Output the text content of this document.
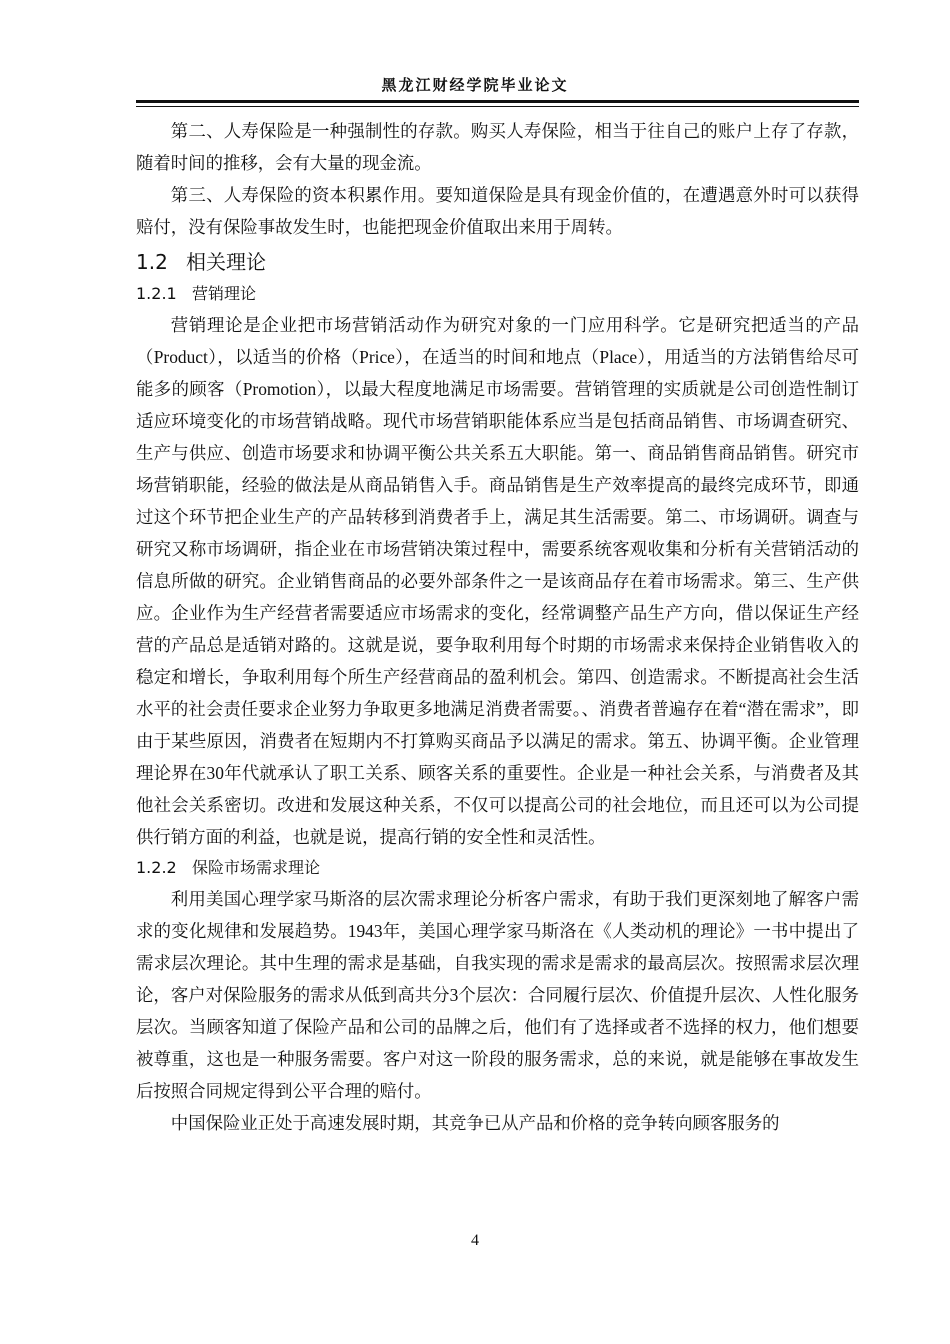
黑龙江财经学院毕业论文

第二、人寿保险是一种强制性的存款。购买人寿保险，相当于往自己的账户上存了存款，随着时间的推移，会有大量的现金流。

第三、人寿保险的资本积累作用。要知道保险是具有现金价值的，在遭遇意外时可以获得赔付，没有保险事故发生时，也能把现金价值取出来用于周转。

1.2 相关理论
1.2.1 营销理论

营销理论是企业把市场营销活动作为研究对象的一门应用科学。它是研究把适当的产品（Product），以适当的价格（Price），在适当的时间和地点（Place），用适当的方法销售给尽可能多的顾客（Promotion），以最大程度地满足市场需要。营销管理的实质就是公司创造性制订适应环境变化的市场营销战略。现代市场营销职能体系应当是包括商品销售、市场调查研究、生产与供应、创造市场要求和协调平衡公共关系五大职能。第一、商品销售商品销售。研究市场营销职能，经验的做法是从商品销售入手。商品销售是生产效率提高的最终完成环节，即通过这个环节把企业生产的产品转移到消费者手上，满足其生活需要。第二、市场调研。调查与研究又称市场调研，指企业在市场营销决策过程中，需要系统客观收集和分析有关营销活动的信息所做的研究。企业销售商品的必要外部条件之一是该商品存在着市场需求。第三、生产供应。企业作为生产经营者需要适应市场需求的变化，经常调整产品生产方向，借以保证生产经营的产品总是适销对路的。这就是说，要争取利用每个时期的市场需求来保持企业销售收入的稳定和增长，争取利用每个所生产经营商品的盈利机会。第四、创造需求。不断提高社会生活水平的社会责任要求企业努力争取更多地满足消费者需要。、消费者普遍存在着“潜在需求”，即由于某些原因，消费者在短期内不打算购买商品予以满足的需求。第五、协调平衡。企业管理理论界在30年代就承认了职工关系、顾客关系的重要性。企业是一种社会关系，与消费者及其他社会关系密切。改进和发展这种关系，不仅可以提高公司的社会地位，而且还可以为公司提供行销方面的利益，也就是说，提高行销的安全性和灵活性。

1.2.2 保险市场需求理论

利用美国心理学家马斯洛的层次需求理论分析客户需求，有助于我们更深刻地了解客户需求的变化规律和发展趋势。1943年，美国心理学家马斯洛在《人类动机的理论》一书中提出了需求层次理论。其中生理的需求是基础，自我实现的需求是需求的最高层次。按照需求层次理论，客户对保险服务的需求从低到高共分3个层次：合同履行层次、价值提升层次、人性化服务层次。当顾客知道了保险产品和公司的品牌之后，他们有了选择或者不选择的权力，他们想要被尊重，这也是一种服务需要。客户对这一阶段的服务需求，总的来说，就是能够在事故发生后按照合同规定得到公平合理的赔付。

中国保险业正处于高速发展时期，其竞争已从产品和价格的竞争转向顾客服务的

4
